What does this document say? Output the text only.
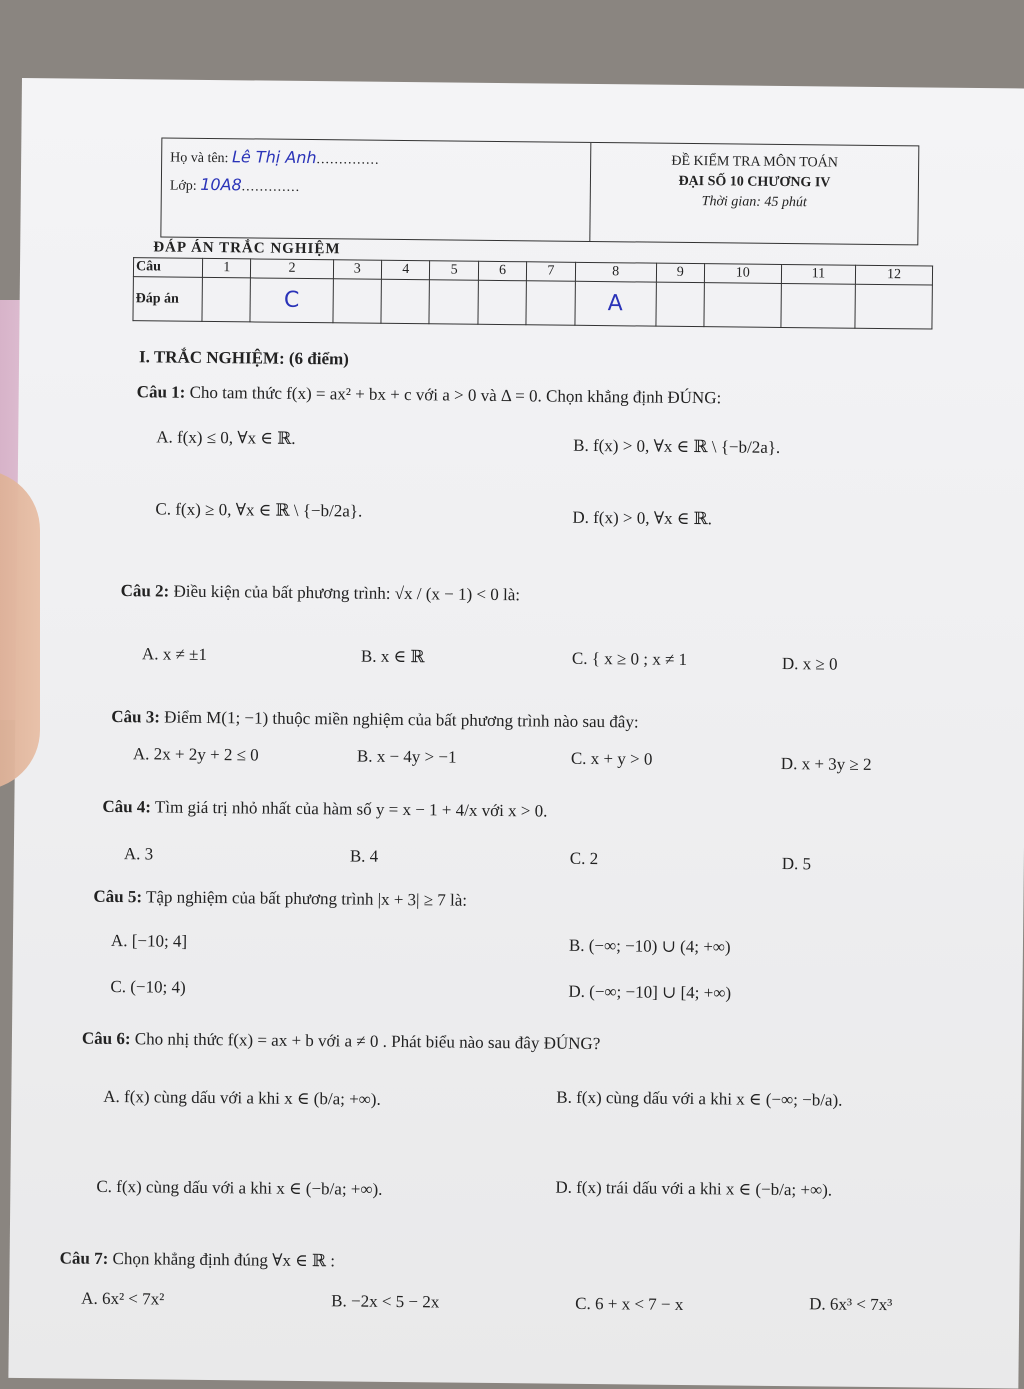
Họ và tên: Lê Thị Anh..............
Lớp: 10A8.............
ĐỀ KIỂM TRA MÔN TOÁN
ĐẠI SỐ 10 CHƯƠNG IV
Thời gian: 45 phút
ĐÁP ÁN TRẮC NGHIỆM
Câu	1	2	3	4	5	6	7	8	9	10	11	12
Đáp án		C						A				
I. TRẮC NGHIỆM: (6 điểm)
Câu 1: Cho tam thức f(x) = ax² + bx + c với a > 0 và Δ = 0. Chọn khẳng định ĐÚNG:
A. f(x) ≤ 0, ∀x ∈ ℝ.	B. f(x) > 0, ∀x ∈ ℝ \ {−b/2a}.
C. f(x) ≥ 0, ∀x ∈ ℝ \ {−b/2a}.	D. f(x) > 0, ∀x ∈ ℝ.
Câu 2: Điều kiện của bất phương trình: √x / (x − 1) < 0 là:
A. x ≠ ±1	B. x ∈ ℝ	C. { x ≥ 0 ; x ≠ 1	D. x ≥ 0
Câu 3: Điểm M(1; −1) thuộc miền nghiệm của bất phương trình nào sau đây:
A. 2x + 2y + 2 ≤ 0	B. x − 4y > −1	C. x + y > 0	D. x + 3y ≥ 2
Câu 4: Tìm giá trị nhỏ nhất của hàm số y = x − 1 + 4/x với x > 0.
A. 3	B. 4	C. 2	D. 5
Câu 5: Tập nghiệm của bất phương trình |x + 3| ≥ 7 là:
A. [−10; 4]	B. (−∞; −10) ∪ (4; +∞)
C. (−10; 4)	D. (−∞; −10] ∪ [4; +∞)
Câu 6: Cho nhị thức f(x) = ax + b với a ≠ 0 . Phát biểu nào sau đây ĐÚNG?
A. f(x) cùng dấu với a khi x ∈ (b/a; +∞).	B. f(x) cùng dấu với a khi x ∈ (−∞; −b/a).
C. f(x) cùng dấu với a khi x ∈ (−b/a; +∞).	D. f(x) trái dấu với a khi x ∈ (−b/a; +∞).
Câu 7: Chọn khẳng định đúng ∀x ∈ ℝ :
A. 6x² < 7x²	B. −2x < 5 − 2x	C. 6 + x < 7 − x	D. 6x³ < 7x³
